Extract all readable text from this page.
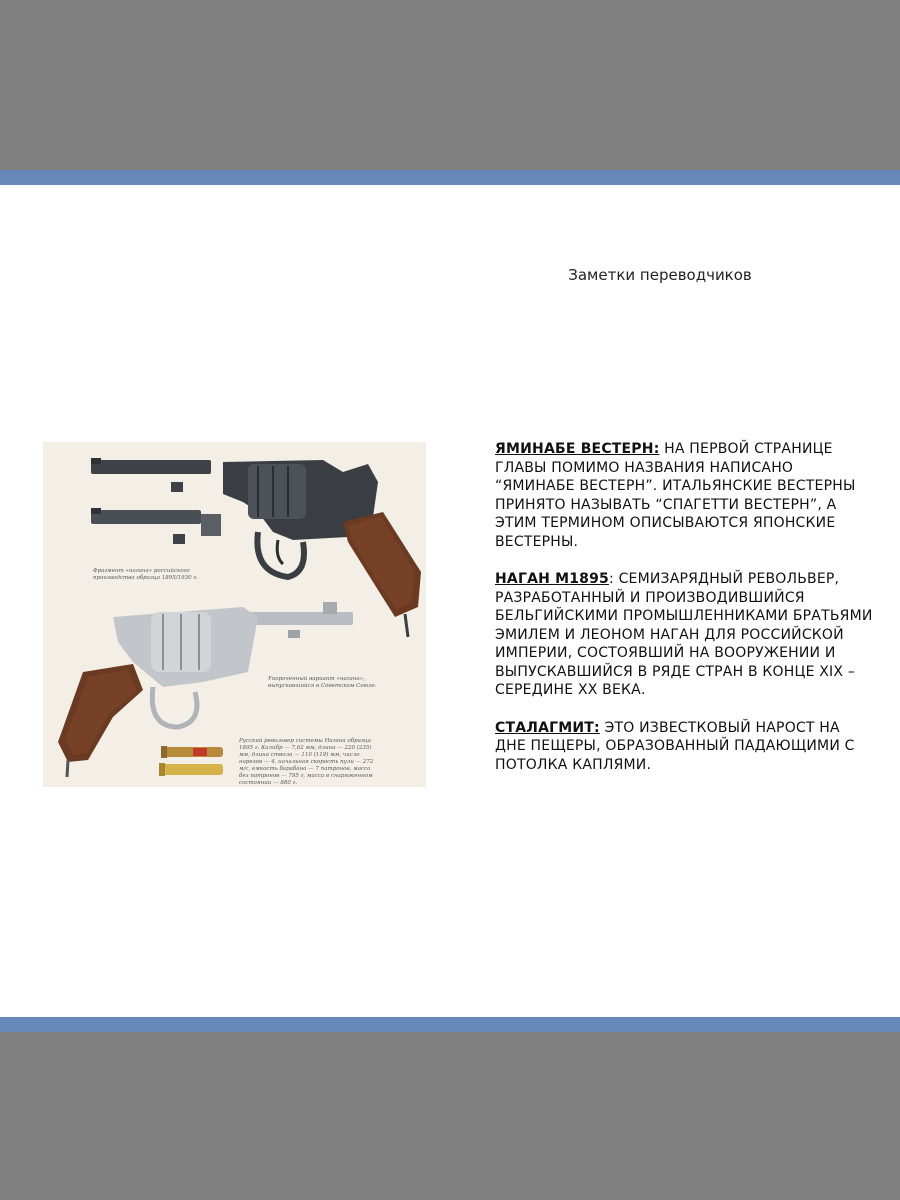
Заметки переводчиков
Фрагмент «нагана» российского производства образца 1895/1930 г.
Укороченный вариант «нагана», выпускавшийся в Советском Союзе.
Русский револьвер системы Нагана образца 1895 г. Калибр — 7,62 мм, длина — 220 (235) мм, длина ствола — 110 (119) мм, число нарезов — 4, начальная скорость пули — 272 м/с, емкость барабана — 7 патронов, масса без патронов — 795 г, масса в снаряженном состоянии — 880 г.

ЯМИНАБЕ ВЕСТЕРН: НА ПЕРВОЙ СТРАНИЦЕ ГЛАВЫ ПОМИМО НАЗВАНИЯ НАПИСАНО “ЯМИНАБЕ ВЕСТЕРН”. ИТАЛЬЯНСКИЕ ВЕСТЕРНЫ ПРИНЯТО НАЗЫВАТЬ “СПАГЕТТИ ВЕСТЕРН”, А ЭТИМ ТЕРМИНОМ ОПИСЫВАЮТСЯ ЯПОНСКИЕ ВЕСТЕРНЫ.

НАГАН М1895: СЕМИЗАРЯДНЫЙ РЕВОЛЬВЕР, РАЗРАБОТАННЫЙ И ПРОИЗВОДИВШИЙСЯ БЕЛЬГИЙСКИМИ ПРОМЫШЛЕННИКАМИ БРАТЬЯМИ ЭМИЛЕМ И ЛЕОНОМ НАГАН ДЛЯ РОССИЙСКОЙ ИМПЕРИИ, СОСТОЯВШИЙ НА ВООРУЖЕНИИ И ВЫПУСКАВШИЙСЯ В РЯДЕ СТРАН В КОНЦЕ XIX – СЕРЕДИНЕ XX ВЕКА.

СТАЛАГМИТ: ЭТО ИЗВЕСТКОВЫЙ НАРОСТ НА ДНЕ ПЕЩЕРЫ, ОБРАЗОВАННЫЙ ПАДАЮЩИМИ С ПОТОЛКА КАПЛЯМИ.
